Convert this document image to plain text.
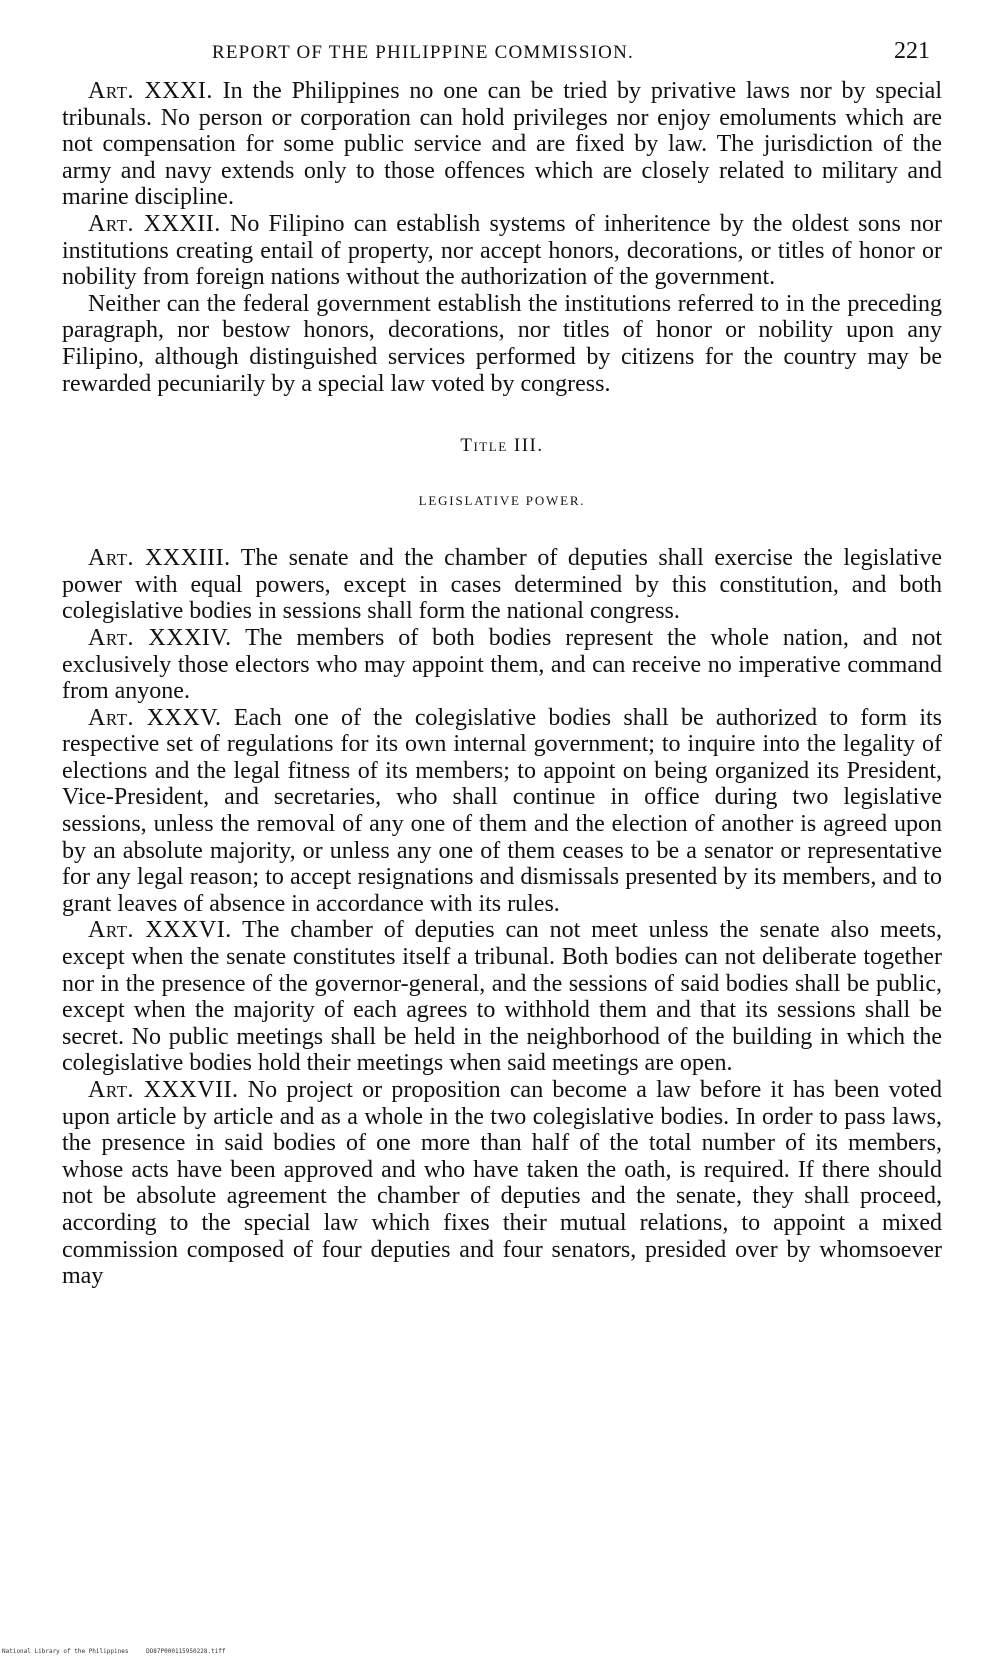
REPORT OF THE PHILIPPINE COMMISSION.	221

Art. XXXI. In the Philippines no one can be tried by privative laws nor by special tribunals. No person or corporation can hold privileges nor enjoy emoluments which are not compensation for some public service and are fixed by law. The jurisdiction of the army and navy extends only to those offences which are closely related to military and marine discipline.

Art. XXXII. No Filipino can establish systems of inheritence by the oldest sons nor institutions creating entail of property, nor accept honors, decorations, or titles of honor or nobility from foreign nations without the authorization of the government.

Neither can the federal government establish the institutions referred to in the preceding paragraph, nor bestow honors, decorations, nor titles of honor or nobility upon any Filipino, although distinguished services performed by citizens for the country may be rewarded pecuniarily by a special law voted by congress.

Title III.
LEGISLATIVE POWER.

Art. XXXIII. The senate and the chamber of deputies shall exercise the legislative power with equal powers, except in cases determined by this constitution, and both colegislative bodies in sessions shall form the national congress.

Art. XXXIV. The members of both bodies represent the whole nation, and not exclusively those electors who may appoint them, and can receive no imperative command from anyone.

Art. XXXV. Each one of the colegislative bodies shall be authorized to form its respective set of regulations for its own internal government; to inquire into the legality of elections and the legal fitness of its members; to appoint on being organized its President, Vice-President, and secretaries, who shall continue in office during two legislative sessions, unless the removal of any one of them and the election of another is agreed upon by an absolute majority, or unless any one of them ceases to be a senator or representative for any legal reason; to accept resignations and dismissals presented by its members, and to grant leaves of absence in accordance with its rules.

Art. XXXVI. The chamber of deputies can not meet unless the senate also meets, except when the senate constitutes itself a tribunal. Both bodies can not deliberate together nor in the presence of the governor-general, and the sessions of said bodies shall be public, except when the majority of each agrees to withhold them and that its sessions shall be secret. No public meetings shall be held in the neighborhood of the building in which the colegislative bodies hold their meetings when said meetings are open.

Art. XXXVII. No project or proposition can become a law before it has been voted upon article by article and as a whole in the two colegislative bodies. In order to pass laws, the presence in said bodies of one more than half of the total number of its members, whose acts have been approved and who have taken the oath, is required. If there should not be absolute agreement the chamber of deputies and the senate, they shall proceed, according to the special law which fixes their mutual relations, to appoint a mixed commission composed of four deputies and four senators, presided over by whomsoever may

National Library of the Philippines	DO87P000115950228.tiff
